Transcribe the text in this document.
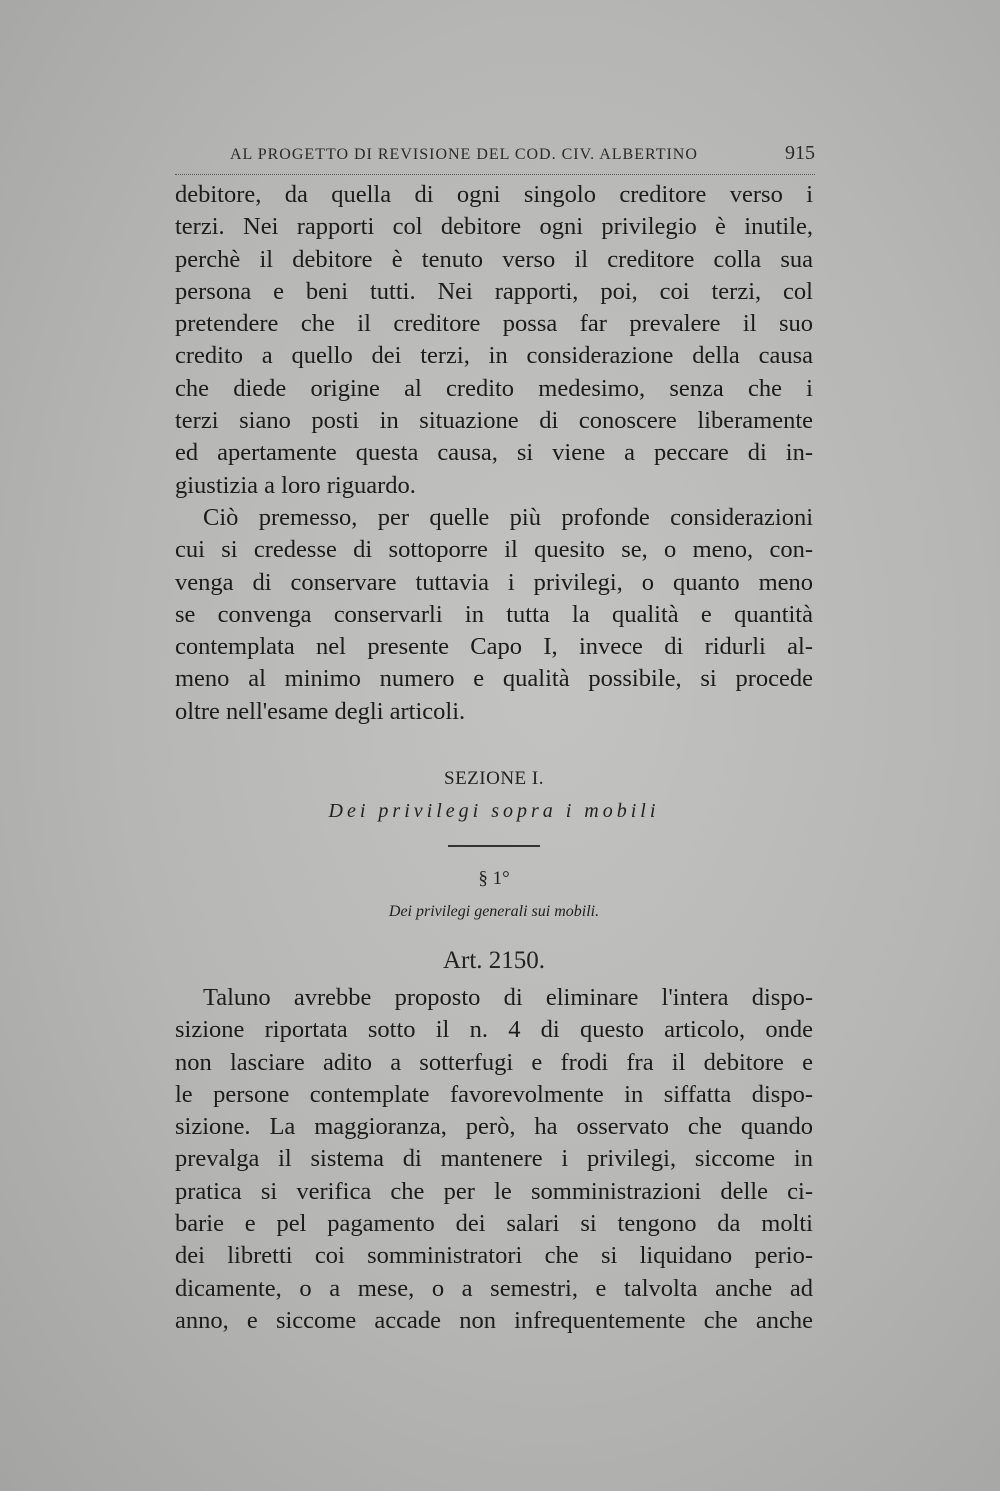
AL PROGETTO DI REVISIONE DEL COD. CIV. ALBERTINO	915
debitore, da quella di ogni singolo creditore verso i
terzi. Nei rapporti col debitore ogni privilegio è inutile,
perchè il debitore è tenuto verso il creditore colla sua
persona e beni tutti. Nei rapporti, poi, coi terzi, col
pretendere che il creditore possa far prevalere il suo
credito a quello dei terzi, in considerazione della causa
che diede origine al credito medesimo, senza che i
terzi siano posti in situazione di conoscere liberamente
ed apertamente questa causa, si viene a peccare di in-
giustizia a loro riguardo.
Ciò premesso, per quelle più profonde considerazioni
cui si credesse di sottoporre il quesito se, o meno, con-
venga di conservare tuttavia i privilegi, o quanto meno
se convenga conservarli in tutta la qualità e quantità
contemplata nel presente Capo I, invece di ridurli al-
meno al minimo numero e qualità possibile, si procede
oltre nell'esame degli articoli.
SEZIONE I.
Dei privilegi sopra i mobili
§ 1°
Dei privilegi generali sui mobili.
Art. 2150.
Taluno avrebbe proposto di eliminare l'intera dispo-
sizione riportata sotto il n. 4 di questo articolo, onde
non lasciare adito a sotterfugi e frodi fra il debitore e
le persone contemplate favorevolmente in siffatta dispo-
sizione. La maggioranza, però, ha osservato che quando
prevalga il sistema di mantenere i privilegi, siccome in
pratica si verifica che per le somministrazioni delle ci-
barie e pel pagamento dei salari si tengono da molti
dei libretti coi somministratori che si liquidano perio-
dicamente, o a mese, o a semestri, e talvolta anche ad
anno, e siccome accade non infrequentemente che anche
